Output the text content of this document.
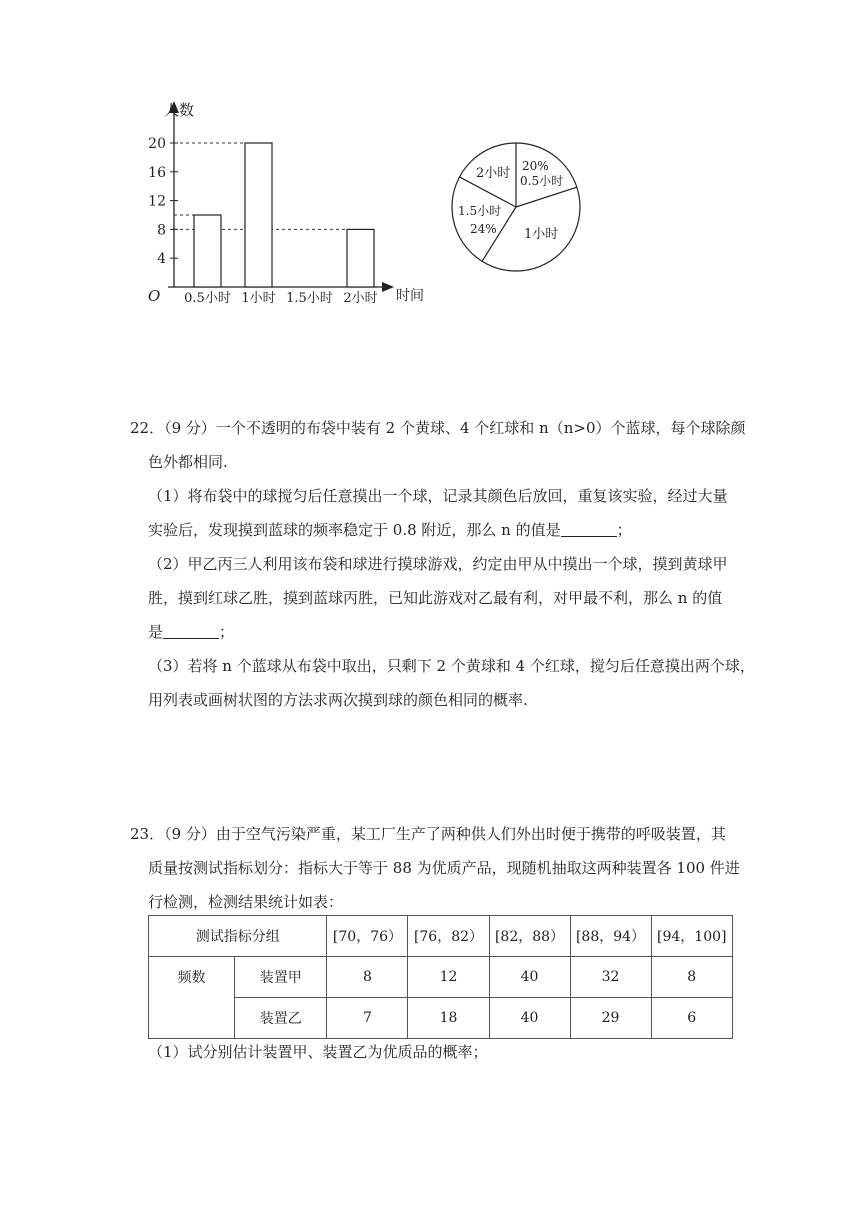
人数
时间
O
4
8
12
16
20
0.5小时 1小时 1.5小时 2小时
2小时 20%
0.5小时
1.5小时
24% 1小时
22．（9 分）一个不透明的布袋中装有 2 个黄球、4 个红球和 n（n>0）个蓝球，每个球除颜
色外都相同.
（1）将布袋中的球搅匀后任意摸出一个球，记录其颜色后放回，重复该实验，经过大量
实验后，发现摸到蓝球的频率稳定于 0.8 附近，那么 n 的值是	；
（2）甲乙丙三人利用该布袋和球进行摸球游戏，约定由甲从中摸出一个球，摸到黄球甲
胜，摸到红球乙胜，摸到蓝球丙胜，已知此游戏对乙最有利，对甲最不利，那么 n 的值
是	；
（3）若将 n 个蓝球从布袋中取出，只剩下 2 个黄球和 4 个红球，搅匀后任意摸出两个球，
用列表或画树状图的方法求两次摸到球的颜色相同的概率.
23．（9 分）由于空气污染严重，某工厂生产了两种供人们外出时便于携带的呼吸装置，其
质量按测试指标划分：指标大于等于 88 为优质产品，现随机抽取这两种装置各 100 件进
行检测，检测结果统计如表：
测试指标分组		[70，76）	[76，82）	[82，88）	[88，94）	[94，100]
频数	装置甲	8	12	40	32	8
	装置乙	7	18	40	29	6
（1）试分别估计装置甲、装置乙为优质品的概率；
